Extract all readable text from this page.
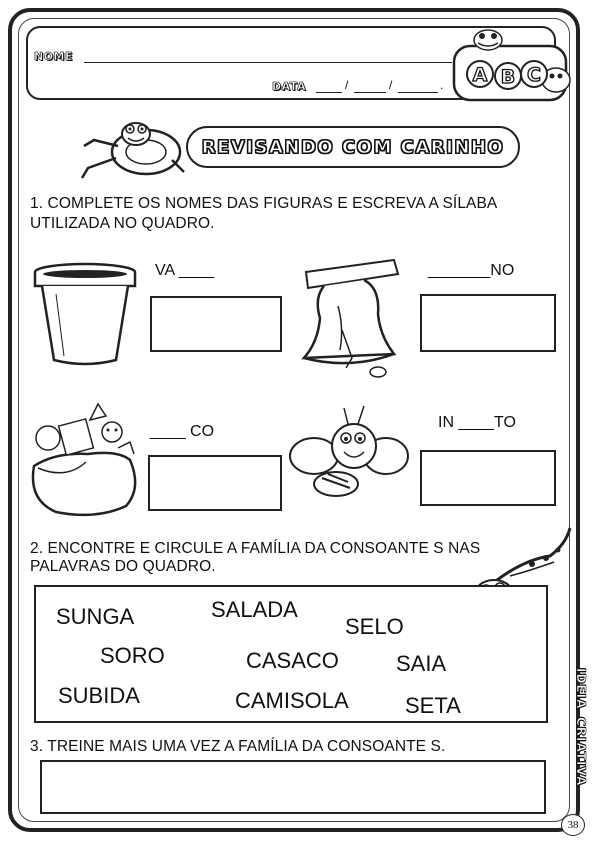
NOME
DATA	/	/	. A B C
REVISANDO COM CARINHO
1. COMPLETE OS NOMES DAS FIGURAS E ESCREVA A SÍLABA
UTILIZADA NO QUADRO.
VA ____	_______NO
____ CO
IN ____TO
2. ENCONTRE E CIRCULE A FAMÍLIA DA CONSOANTE S NAS
PALAVRAS DO QUADRO.
SUNGA	SALADA
SELO
SORO	CASACO	SAIA
SUBIDA	CAMISOLA	SETA
3. TREINE MAIS UMA VEZ A FAMÍLIA DA CONSOANTE S.
IDEIA
CRIATIVA
38
